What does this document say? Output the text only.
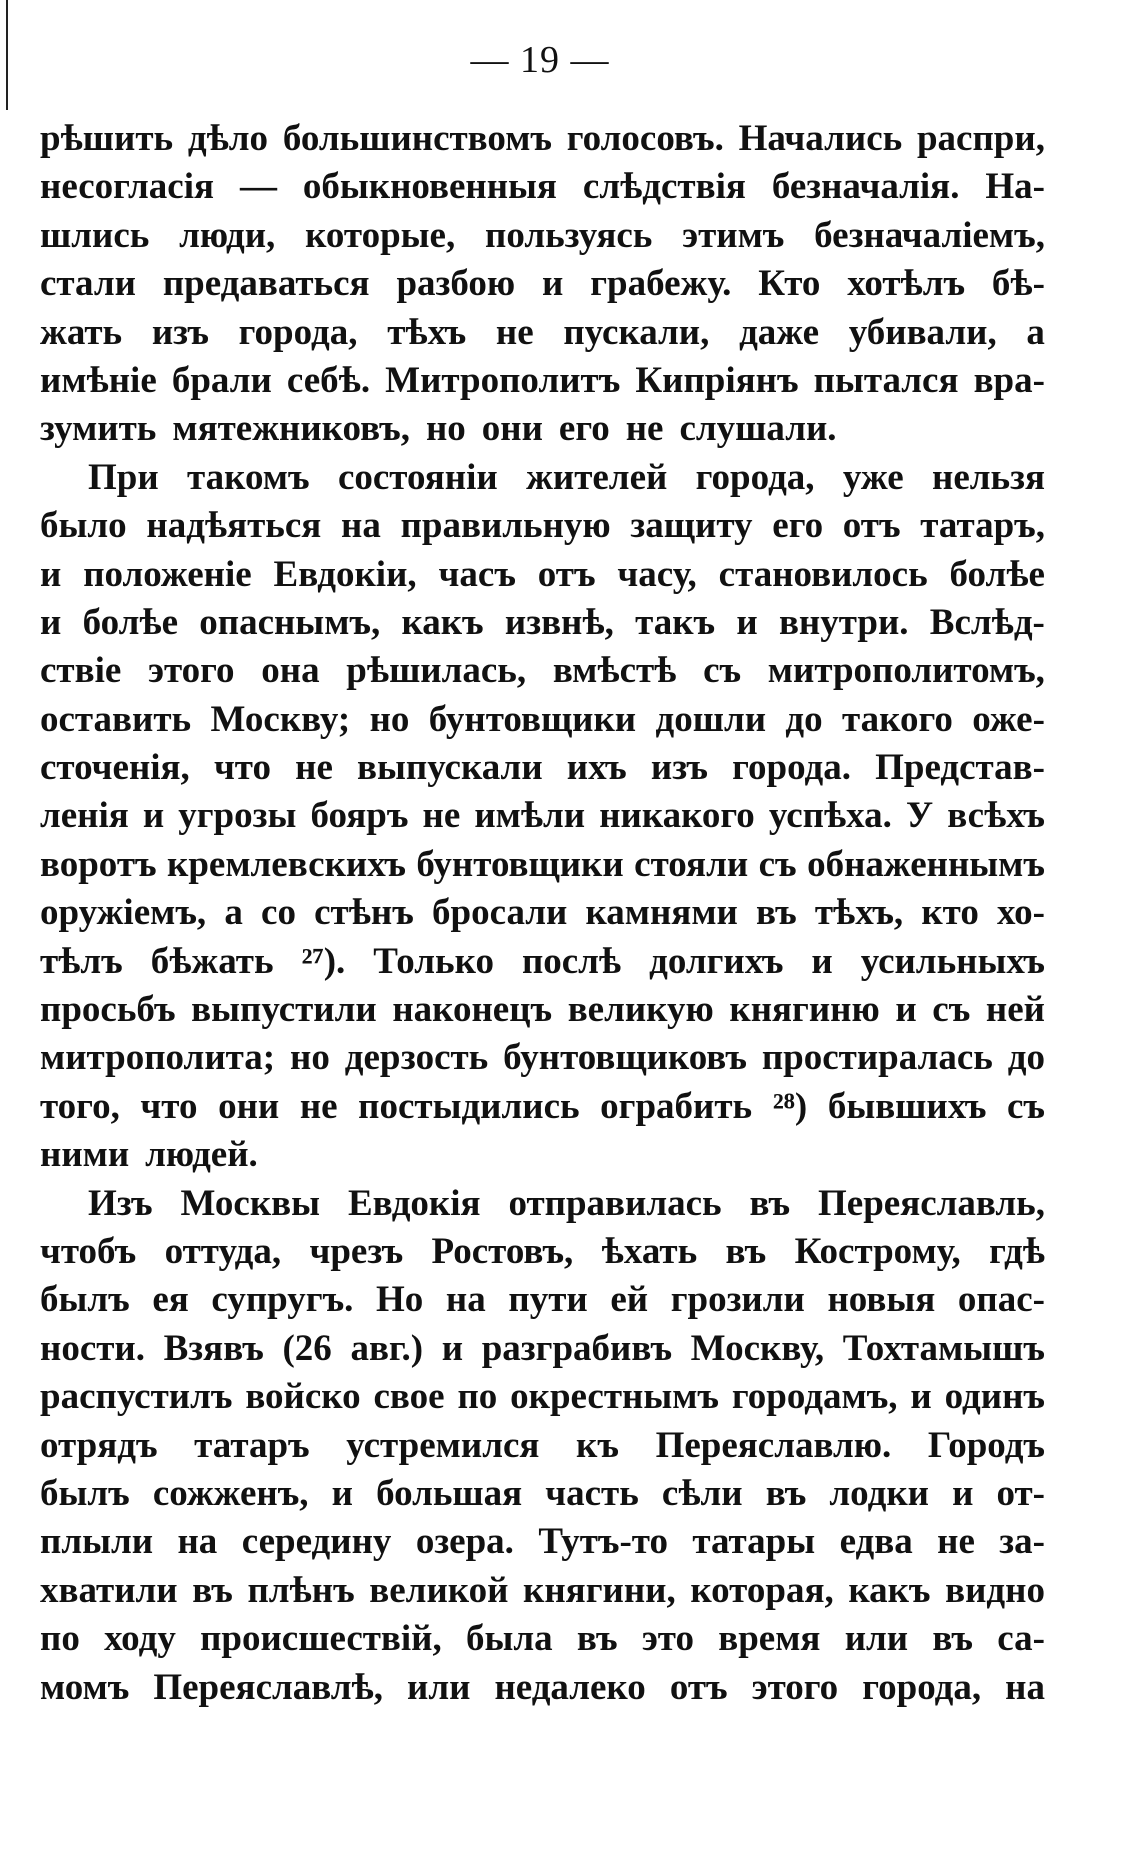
— 19 —
рѣшить дѣло большинствомъ голосовъ. Начались распри,
несогласія — обыкновенныя слѣдствія безначалія. На-
шлись люди, которые, пользуясь этимъ безначаліемъ,
стали предаваться разбою и грабежу. Кто хотѣлъ бѣ-
жать изъ города, тѣхъ не пускали, даже убивали, а
имѣніе брали себѣ. Митрополитъ Кипріянъ пытался вра-
зумить мятежниковъ, но они его не слушали.
При такомъ состояніи жителей города, уже нельзя
было надѣяться на правильную защиту его отъ татаръ,
и положеніе Евдокіи, часъ отъ часу, становилось болѣе
и болѣе опаснымъ, какъ извнѣ, такъ и внутри. Вслѣд-
ствіе этого она рѣшилась, вмѣстѣ съ митрополитомъ,
оставить Москву; но бунтовщики дошли до такого оже-
сточенія, что не выпускали ихъ изъ города. Представ-
ленія и угрозы бояръ не имѣли никакого успѣха. У всѣхъ
воротъ кремлевскихъ бунтовщики стояли съ обнаженнымъ
оружіемъ, а со стѣнъ бросали камнями въ тѣхъ, кто хо-
тѣлъ бѣжать ²⁷). Только послѣ долгихъ и усильныхъ
просьбъ выпустили наконецъ великую княгиню и съ ней
митрополита; но дерзость бунтовщиковъ простиралась до
того, что они не постыдились ограбить ²⁸) бывшихъ съ
ними людей.
Изъ Москвы Евдокія отправилась въ Переяславль,
чтобъ оттуда, чрезъ Ростовъ, ѣхать въ Кострому, гдѣ
былъ ея супругъ. Но на пути ей грозили новыя опас-
ности. Взявъ (26 авг.) и разграбивъ Москву, Тохтамышъ
распустилъ войско свое по окрестнымъ городамъ, и одинъ
отрядъ татаръ устремился къ Переяславлю. Городъ
былъ сожженъ, и большая часть сѣли въ лодки и от-
плыли на середину озера. Тутъ-то татары едва не за-
хватили въ плѣнъ великой княгини, которая, какъ видно
по ходу происшествій, была въ это время или въ са-
момъ Переяславлѣ, или недалеко отъ этого города, на
